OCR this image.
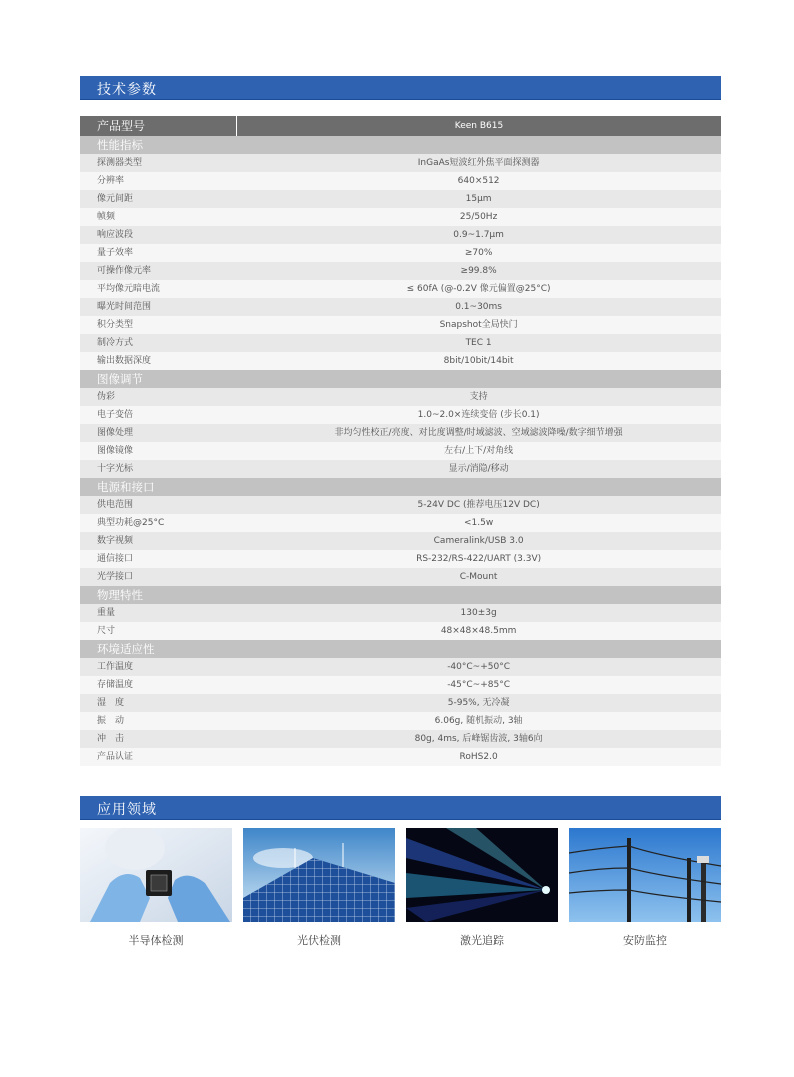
技术参数
产品型号	Keen B615
性能指标
探测器类型	InGaAs短波红外焦平面探测器
分辨率	640×512
像元间距	15μm
帧频	25/50Hz
响应波段	0.9~1.7μm
量子效率	≥70%
可操作像元率	≥99.8%
平均像元暗电流	≤ 60fA (@-0.2V 像元偏置@25°C)
曝光时间范围	0.1~30ms
积分类型	Snapshot全局快门
制冷方式	TEC 1
输出数据深度	8bit/10bit/14bit
图像调节
伪彩	支持
电子变倍	1.0~2.0×连续变倍 (步长0.1)
图像处理	非均匀性校正/亮度、对比度调整/时域滤波、空域滤波降噪/数字细节增强
图像镜像	左右/上下/对角线
十字光标	显示/消隐/移动
电源和接口
供电范围	5-24V DC (推荐电压12V DC)
典型功耗@25°C	<1.5w
数字视频	Cameralink/USB 3.0
通信接口	RS-232/RS-422/UART (3.3V)
光学接口	C-Mount
物理特性
重量	130±3g
尺寸	48×48×48.5mm
环境适应性
工作温度	-40°C~+50°C
存储温度	-45°C~+85°C
湿　度	5-95%, 无冷凝
振　动	6.06g, 随机振动, 3轴
冲　击	80g, 4ms, 后峰锯齿波, 3轴6向
产品认证	RoHS2.0
应用领域
半导体检测	光伏检测	激光追踪	安防监控
